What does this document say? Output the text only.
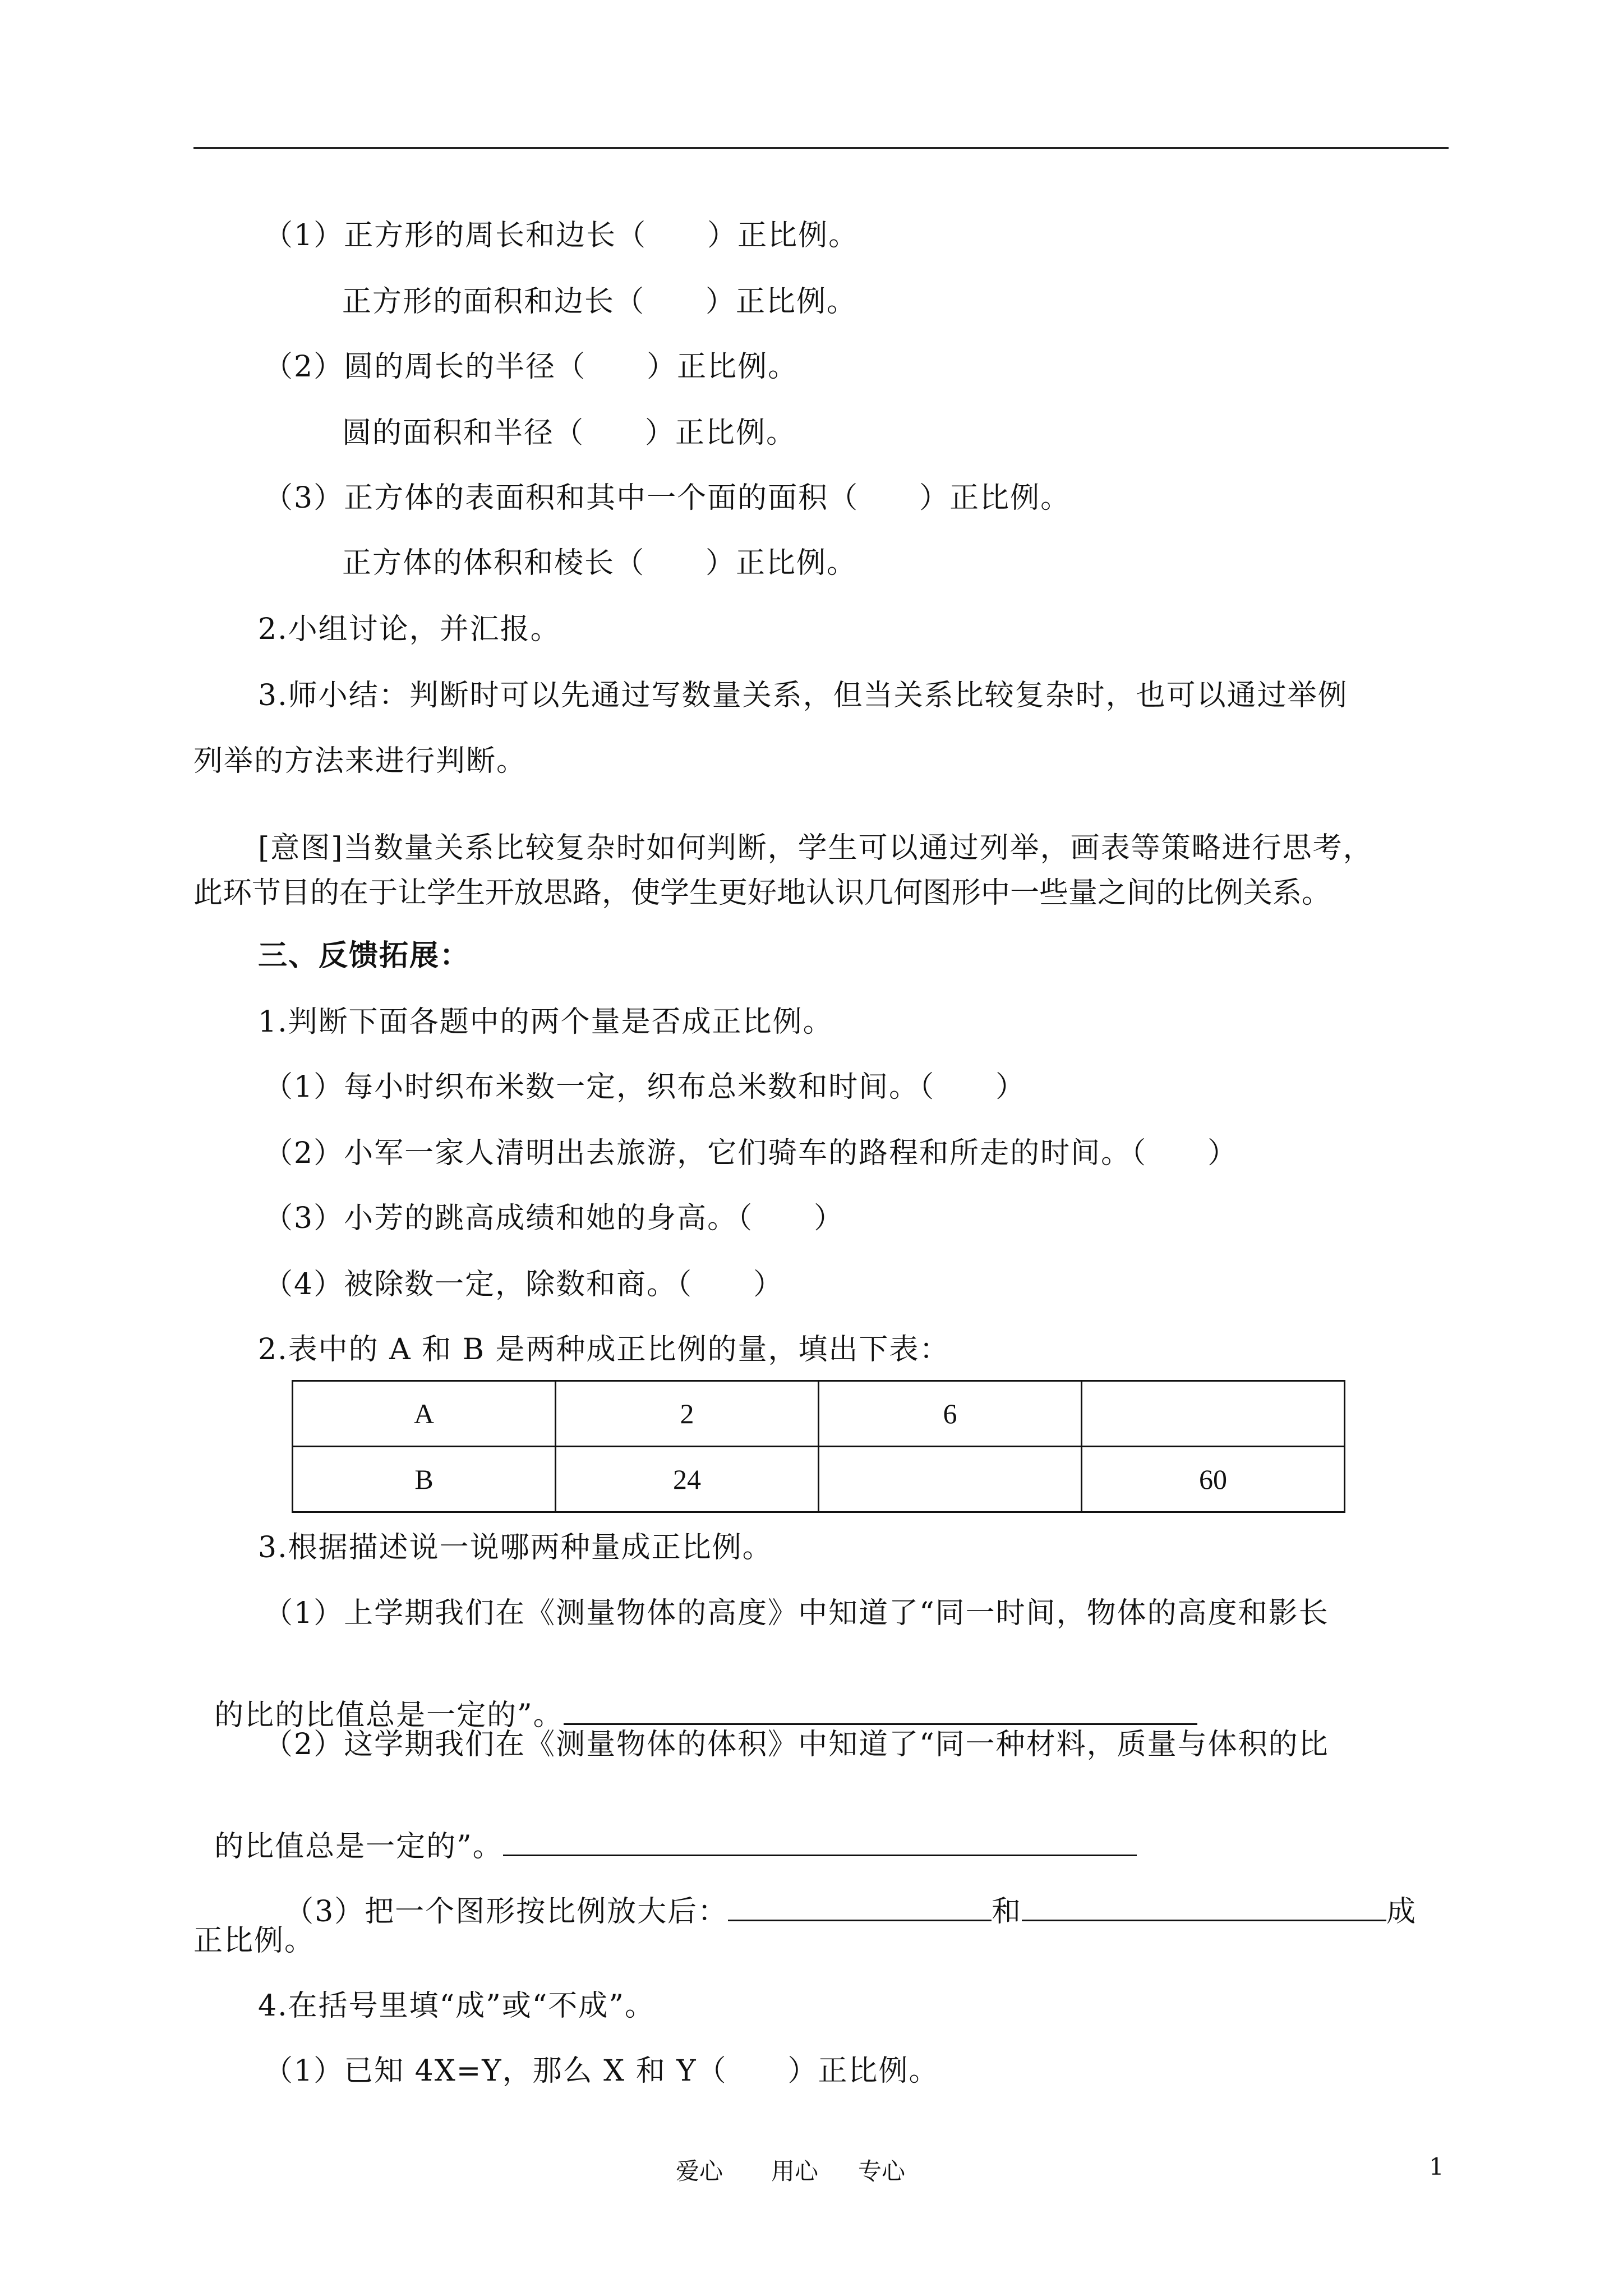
（1）正方形的周长和边长（　　）正比例。
正方形的面积和边长（　　）正比例。
（2）圆的周长的半径（　　）正比例。
圆的面积和半径（　　）正比例。
（3）正方体的表面积和其中一个面的面积（　　）正比例。
正方体的体积和棱长（　　）正比例。
2.小组讨论，并汇报。
3.师小结：判断时可以先通过写数量关系，但当关系比较复杂时，也可以通过举例
列举的方法来进行判断。
[意图]当数量关系比较复杂时如何判断，学生可以通过列举，画表等策略进行思考，
此环节目的在于让学生开放思路，使学生更好地认识几何图形中一些量之间的比例关系。
三、反馈拓展：
1.判断下面各题中的两个量是否成正比例。
（1）每小时织布米数一定，织布总米数和时间。（　　）
（2）小军一家人清明出去旅游，它们骑车的路程和所走的时间。（　　）
（3）小芳的跳高成绩和她的身高。（　　）
（4）被除数一定，除数和商。（　　）
2.表中的 A 和 B 是两种成正比例的量，填出下表：
A	2	6	
B	24		60
3.根据描述说一说哪两种量成正比例。
（1）上学期我们在《测量物体的高度》中知道了“同一时间，物体的高度和影长

的比的比值总是一定的”。

（2）这学期我们在《测量物体的体积》中知道了“同一种材料，质量与体积的比

的比值总是一定的”。

（3）把一个图形按比例放大后：	和	成

正比例。
4.在括号里填“成”或“不成”。
（1）已知 4X=Y，那么 X 和 Y（　　）正比例。
爱心 用心 专心	1
